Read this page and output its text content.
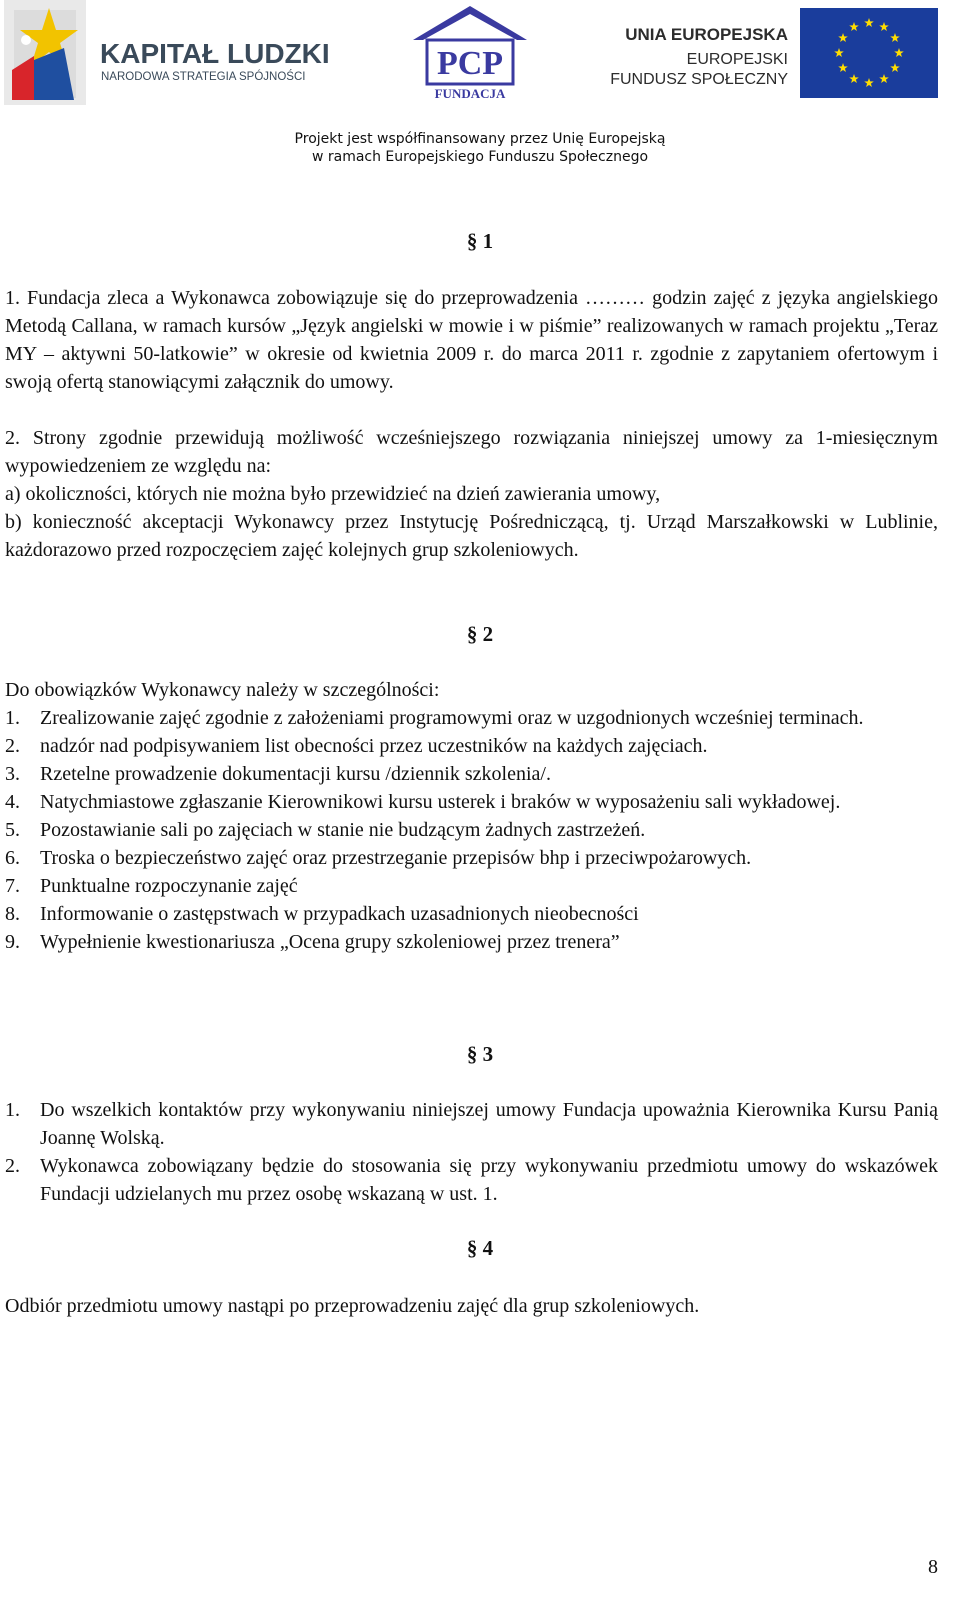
KAPITAŁ LUDZKI
NARODOWA STRATEGIA SPÓJNOŚCI	PCP
FUNDACJA
UNIA EUROPEJSKA
EUROPEJSKI
FUNDUSZ SPOŁECZNY
Projekt jest współfinansowany przez Unię Europejską
w ramach Europejskiego Funduszu Społecznego
§ 1
1. Fundacja zleca a Wykonawca zobowiązuje się do przeprowadzenia ……… godzin zajęć z języka angielskiego Metodą Callana, w ramach kursów „Język angielski w mowie i w piśmie” realizowanych w ramach projektu „Teraz MY – aktywni 50-latkowie” w okresie od kwietnia 2009 r. do marca 2011 r. zgodnie z zapytaniem ofertowym i swoją ofertą stanowiącymi załącznik do umowy.
2. Strony zgodnie przewidują możliwość wcześniejszego rozwiązania niniejszej umowy za 1-miesięcznym wypowiedzeniem ze względu na:
a) okoliczności, których nie można było przewidzieć na dzień zawierania umowy,
b) konieczność akceptacji Wykonawcy przez Instytucję Pośredniczącą, tj. Urząd Marszałkowski w Lublinie, każdorazowo przed rozpoczęciem zajęć kolejnych grup szkoleniowych.
§ 2
Do obowiązków Wykonawcy należy w szczególności:
1.	Zrealizowanie zajęć zgodnie z założeniami programowymi oraz w uzgodnionych wcześniej terminach.
2.	nadzór nad podpisywaniem list obecności przez uczestników na każdych zajęciach.
3.	Rzetelne prowadzenie dokumentacji kursu /dziennik szkolenia/.
4.	Natychmiastowe zgłaszanie Kierownikowi kursu usterek i braków w wyposażeniu sali wykładowej.
5.	Pozostawianie sali po zajęciach w stanie nie budzącym żadnych zastrzeżeń.
6.	Troska o bezpieczeństwo zajęć oraz przestrzeganie przepisów bhp i przeciwpożarowych.
7.	Punktualne rozpoczynanie zajęć
8.	Informowanie o zastępstwach w przypadkach uzasadnionych nieobecności
9.	Wypełnienie kwestionariusza „Ocena grupy szkoleniowej przez trenera”
§ 3
1.	Do wszelkich kontaktów przy wykonywaniu niniejszej umowy Fundacja upoważnia Kierownika Kursu Panią Joannę Wolską.
2.	Wykonawca zobowiązany będzie do stosowania się przy wykonywaniu przedmiotu umowy do wskazówek Fundacji udzielanych mu przez osobę wskazaną w ust. 1.
§ 4
Odbiór przedmiotu umowy nastąpi po przeprowadzeniu zajęć dla grup szkoleniowych.
8
